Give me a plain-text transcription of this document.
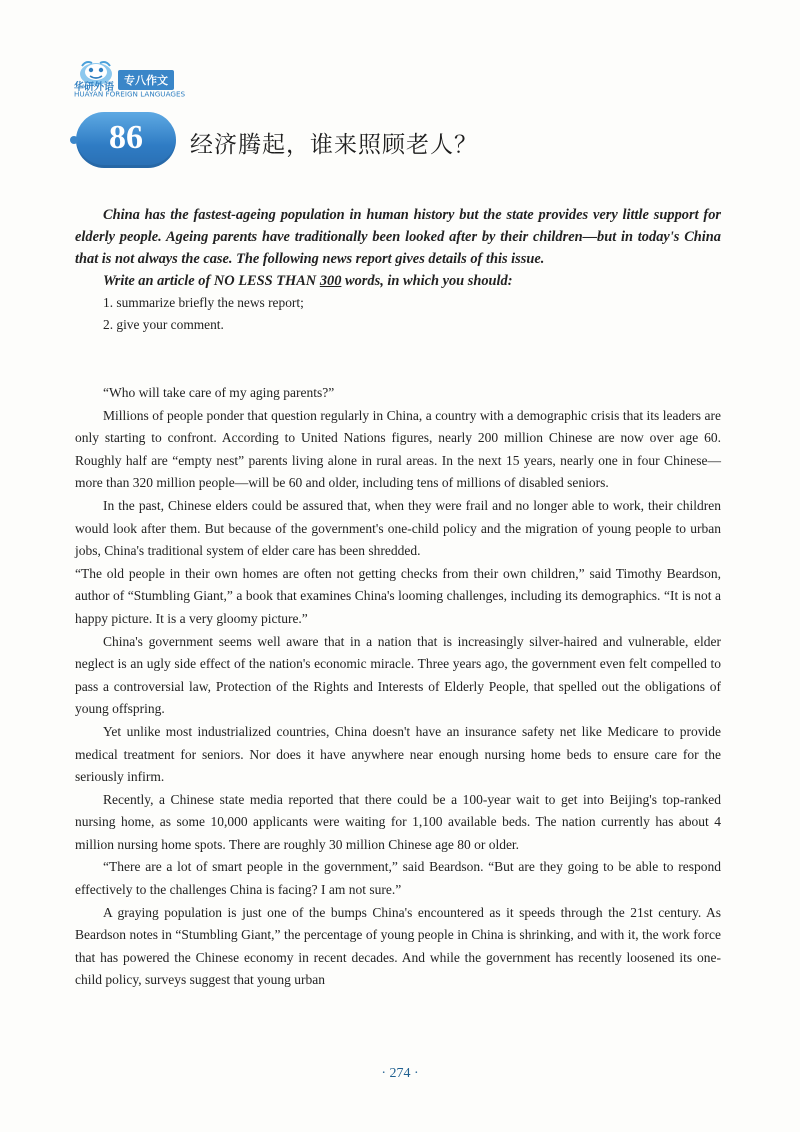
华研外语
HUAYAN FOREIGN LANGUAGES
专八作文
86	经济腾起，谁来照顾老人？

China has the fastest-ageing population in human history but the state provides very little support for elderly people. Ageing parents have traditionally been looked after by their children—but in today's China that is not always the case. The following news report gives details of this issue.

Write an article of NO LESS THAN 300 words, in which you should:

1. summarize briefly the news report;

2. give your comment.

“Who will take care of my aging parents?”

Millions of people ponder that question regularly in China, a country with a demographic crisis that its leaders are only starting to confront. According to United Nations figures, nearly 200 million Chinese are now over age 60. Roughly half are “empty nest” parents living alone in rural areas. In the next 15 years, nearly one in four Chinese—more than 320 million people—will be 60 and older, including tens of millions of disabled seniors.

In the past, Chinese elders could be assured that, when they were frail and no longer able to work, their children would look after them. But because of the government's one-child policy and the migration of young people to urban jobs, China's traditional system of elder care has been shredded.

“The old people in their own homes are often not getting checks from their own children,” said Timothy Beardson, author of “Stumbling Giant,” a book that examines China's looming challenges, including its demographics. “It is not a happy picture. It is a very gloomy picture.”

China's government seems well aware that in a nation that is increasingly silver-haired and vulnerable, elder neglect is an ugly side effect of the nation's economic miracle. Three years ago, the government even felt compelled to pass a controversial law, Protection of the Rights and Interests of Elderly People, that spelled out the obligations of young offspring.

Yet unlike most industrialized countries, China doesn't have an insurance safety net like Medicare to provide medical treatment for seniors. Nor does it have anywhere near enough nursing home beds to ensure care for the seriously infirm.

Recently, a Chinese state media reported that there could be a 100-year wait to get into Beijing's top-ranked nursing home, as some 10,000 applicants were waiting for 1,100 available beds. The nation currently has about 4 million nursing home spots. There are roughly 30 million Chinese age 80 or older.

“There are a lot of smart people in the government,” said Beardson. “But are they going to be able to respond effectively to the challenges China is facing? I am not sure.”

A graying population is just one of the bumps China's encountered as it speeds through the 21st century. As Beardson notes in “Stumbling Giant,” the percentage of young people in China is shrinking, and with it, the work force that has powered the Chinese economy in recent decades. And while the government has recently loosened its one-child policy, surveys suggest that young urban

· 274 ·
